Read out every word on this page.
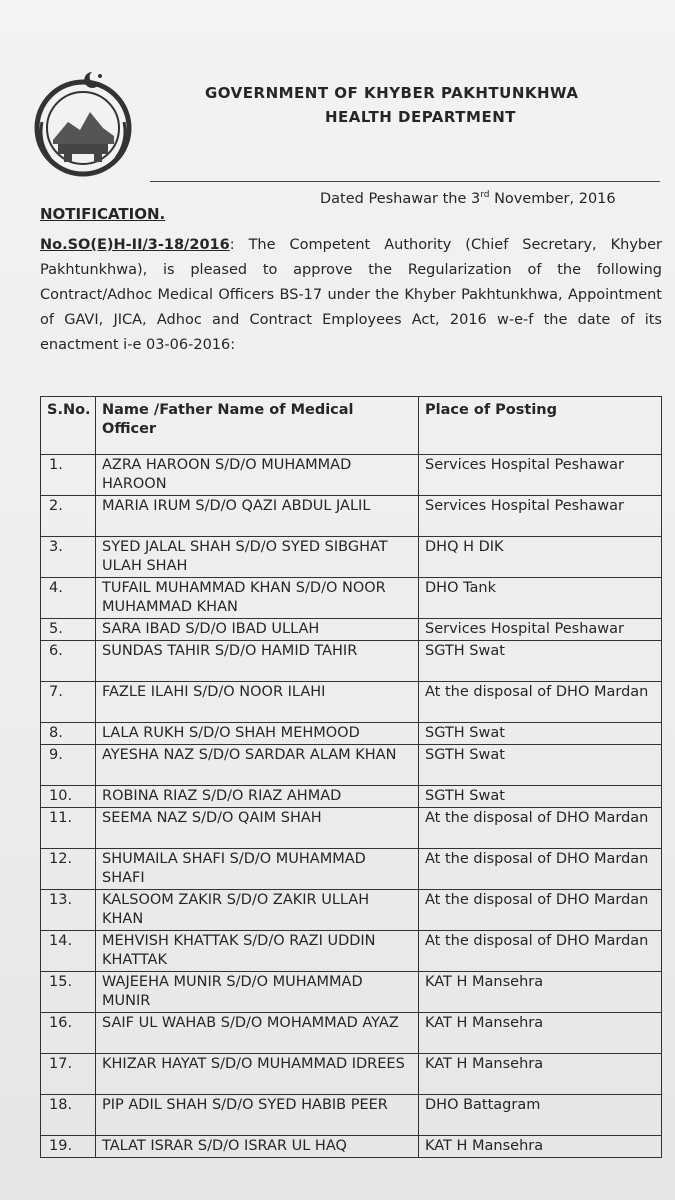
GOVERNMENT OF KHYBER PAKHTUNKHWA
HEALTH DEPARTMENT
Dated Peshawar the 3rd November, 2016
NOTIFICATION.
No.SO(E)H-II/3-18/2016: The Competent Authority (Chief Secretary, Khyber Pakhtunkhwa), is pleased to approve the Regularization of the following Contract/Adhoc Medical Officers BS-17 under the Khyber Pakhtunkhwa, Appointment of GAVI, JICA, Adhoc and Contract Employees Act, 2016 w-e-f the date of its enactment i-e 03-06-2016:
S.No.	Name /Father Name of Medical Officer	Place of Posting
1.	AZRA HAROON S/D/O MUHAMMAD HAROON	Services Hospital Peshawar
2.	MARIA IRUM S/D/O QAZI ABDUL JALIL	Services Hospital Peshawar
3.	SYED JALAL SHAH S/D/O SYED SIBGHAT ULAH SHAH	DHQ H DIK
4.	TUFAIL MUHAMMAD KHAN S/D/O NOOR MUHAMMAD KHAN	DHO Tank
5.	SARA IBAD S/D/O IBAD ULLAH	Services Hospital Peshawar
6.	SUNDAS TAHIR S/D/O HAMID TAHIR	SGTH Swat
7.	FAZLE ILAHI S/D/O NOOR ILAHI	At the disposal of DHO Mardan
8.	LALA RUKH S/D/O SHAH MEHMOOD	SGTH Swat
9.	AYESHA NAZ S/D/O SARDAR ALAM KHAN	SGTH Swat
10.	ROBINA RIAZ S/D/O RIAZ AHMAD	SGTH Swat
11.	SEEMA NAZ S/D/O QAIM SHAH	At the disposal of DHO Mardan
12.	SHUMAILA SHAFI S/D/O MUHAMMAD SHAFI	At the disposal of DHO Mardan
13.	KALSOOM ZAKIR S/D/O ZAKIR ULLAH KHAN	At the disposal of DHO Mardan
14.	MEHVISH KHATTAK S/D/O RAZI UDDIN KHATTAK	At the disposal of DHO Mardan
15.	WAJEEHA MUNIR S/D/O MUHAMMAD MUNIR	KAT H Mansehra
16.	SAIF UL WAHAB S/D/O MOHAMMAD AYAZ	KAT H Mansehra
17.	KHIZAR HAYAT S/D/O MUHAMMAD IDREES	KAT H Mansehra
18.	PIP ADIL SHAH S/D/O SYED HABIB PEER	DHO Battagram
19.	TALAT ISRAR S/D/O ISRAR UL HAQ	KAT H Mansehra
